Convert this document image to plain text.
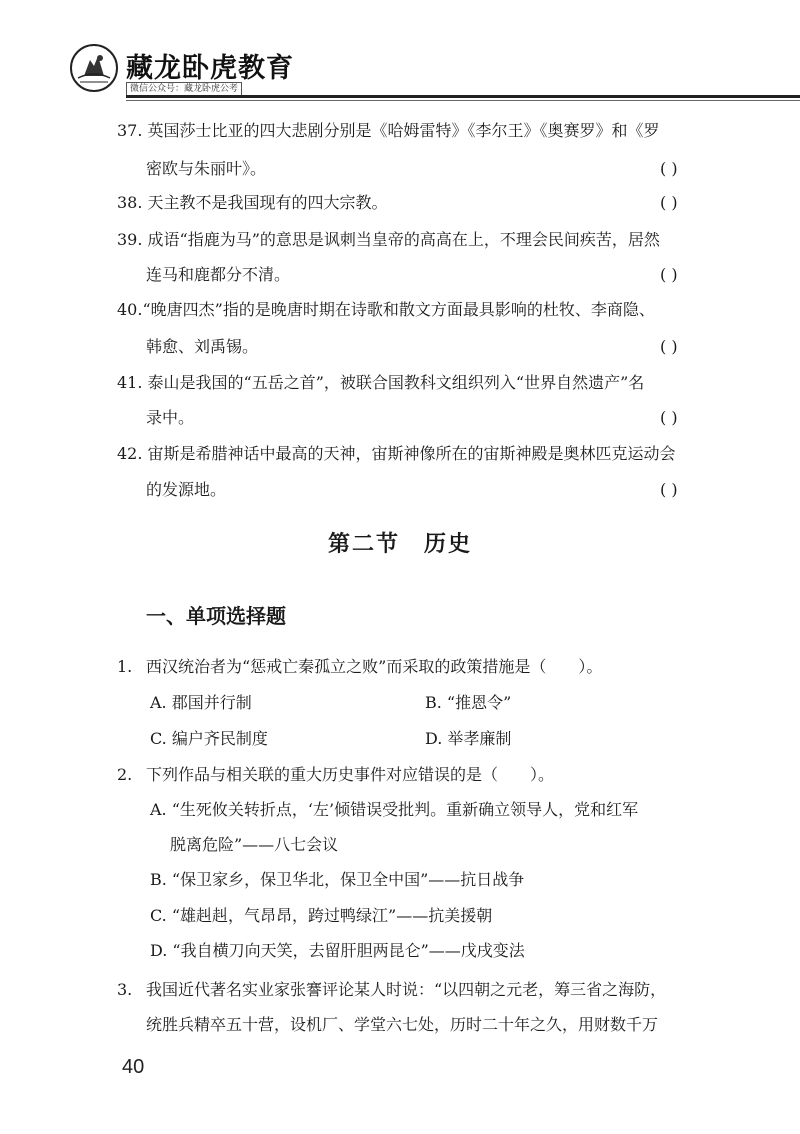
藏龙卧虎教育
微信公众号：藏龙卧虎公考
37. 英国莎士比亚的四大悲剧分别是《哈姆雷特》《李尔王》《奥赛罗》和《罗
密欧与朱丽叶》。	( )
38. 天主教不是我国现有的四大宗教。	( )
39. 成语“指鹿为马”的意思是讽刺当皇帝的高高在上，不理会民间疾苦，居然
连马和鹿都分不清。	( )
40.“晚唐四杰”指的是晚唐时期在诗歌和散文方面最具影响的杜牧、李商隐、
韩愈、刘禹锡。	( )
41. 泰山是我国的“五岳之首”，被联合国教科文组织列入“世界自然遗产”名
录中。	( )
42. 宙斯是希腊神话中最高的天神，宙斯神像所在的宙斯神殿是奥林匹克运动会
的发源地。	( )
第二节　历史
一、单项选择题
1. 西汉统治者为“惩戒亡秦孤立之败”而采取的政策措施是（　　）。
A. 郡国并行制	B. “推恩令”
C. 编户齐民制度	D. 举孝廉制
2. 下列作品与相关联的重大历史事件对应错误的是（　　）。
A. “生死攸关转折点，‘左’倾错误受批判。重新确立领导人，党和红军
脱离危险”——八七会议
B. “保卫家乡，保卫华北，保卫全中国”——抗日战争
C. “雄赳赳，气昂昂，跨过鸭绿江”——抗美援朝
D. “我自横刀向天笑，去留肝胆两昆仑”——戊戌变法
3. 我国近代著名实业家张謇评论某人时说：“以四朝之元老，筹三省之海防，
统胜兵精卒五十营，设机厂、学堂六七处，历时二十年之久，用财数千万
40
